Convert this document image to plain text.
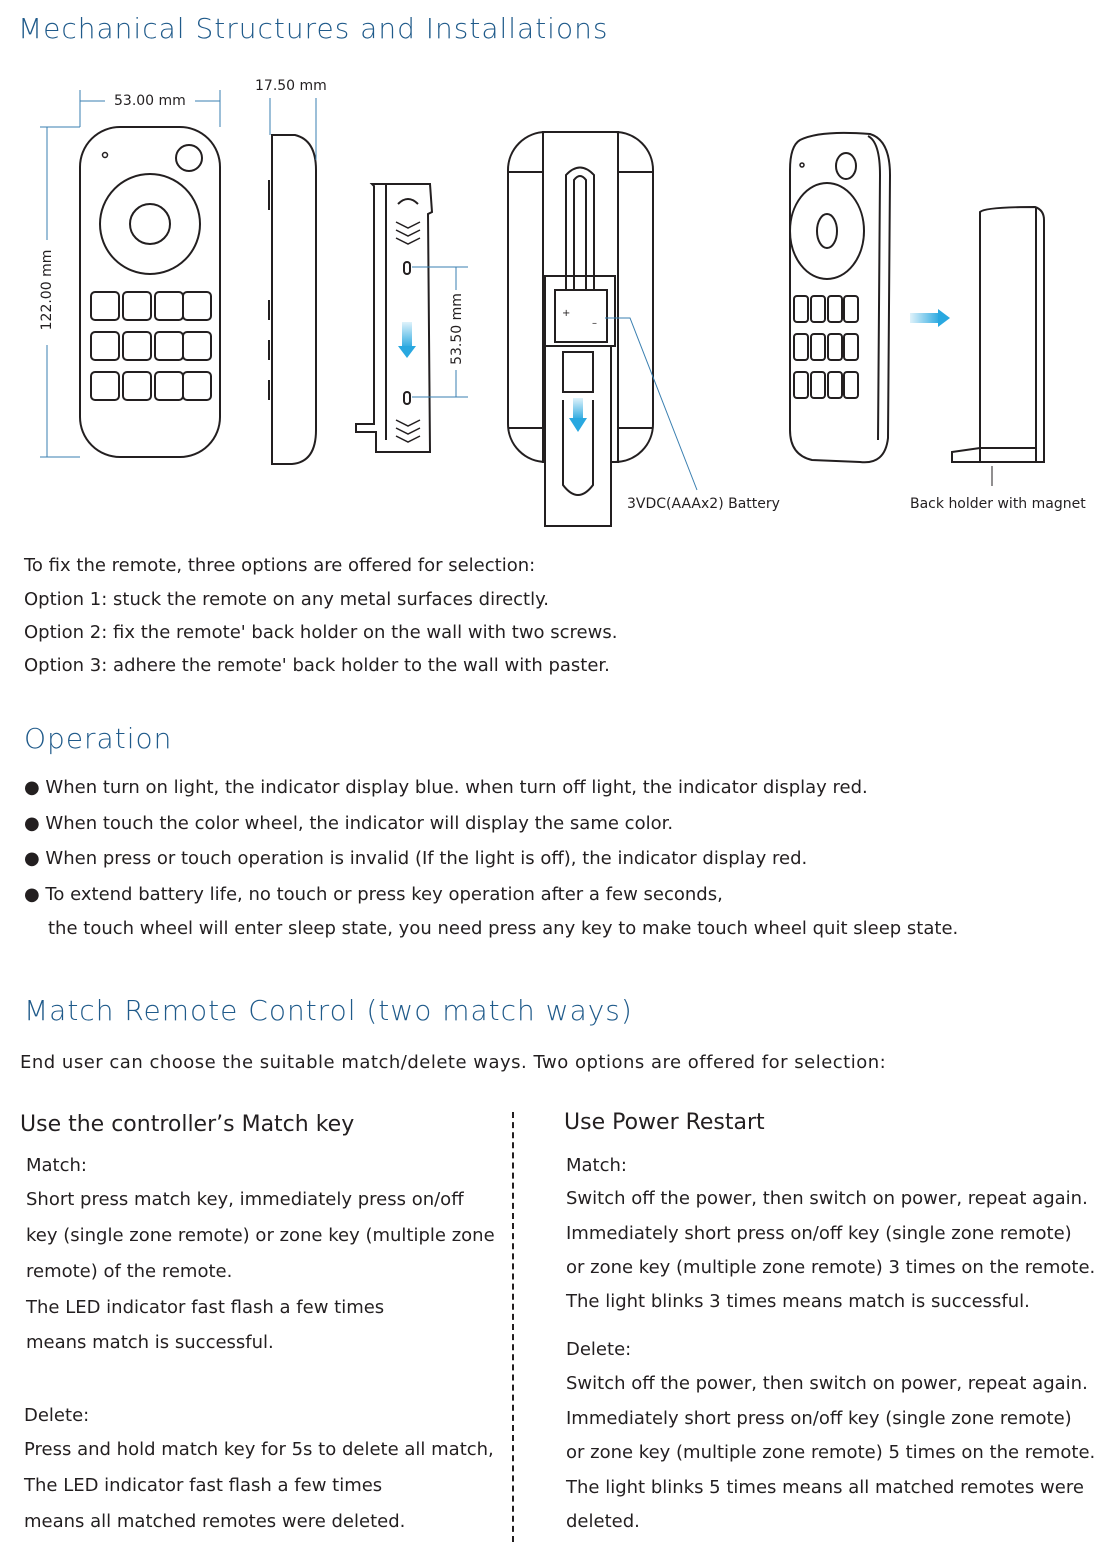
Mechanical Structures and Installations
+
–
53.00 mm
17.50 mm
122.00 mm	53.50 mm
3VDC(AAAx2) Battery	Back holder with magnet
To fix the remote, three options are offered for selection:
Option 1: stuck the remote on any metal surfaces directly.
Option 2: fix the remote' back holder on the wall with two screws.
Option 3: adhere the remote' back holder to the wall with paster.
Operation
● When turn on light, the indicator display blue. when turn off light, the indicator display red.
● When touch the color wheel, the indicator will display the same color.
● When press or touch operation is invalid (If the light is off), the indicator display red.
● To extend battery life, no touch or press key operation after a few seconds,
the touch wheel will enter sleep state, you need press any key to make touch wheel quit sleep state.
Match Remote Control (two match ways)
End user can choose the suitable match/delete ways. Two options are offered for selection:
Use the controller’s Match key
Match:
Short press match key, immediately press on/off
key (single zone remote) or zone key (multiple zone
remote) of the remote.
The LED indicator fast flash a few times
means match is successful.
Delete:
Press and hold match key for 5s to delete all match,
The LED indicator fast flash a few times
means all matched remotes were deleted.
Use Power Restart
Match:
Switch off the power, then switch on power, repeat again.
Immediately short press on/off key (single zone remote)
or zone key (multiple zone remote) 3 times on the remote.
The light blinks 3 times means match is successful.
Delete:
Switch off the power, then switch on power, repeat again.
Immediately short press on/off key (single zone remote)
or zone key (multiple zone remote) 5 times on the remote.
The light blinks 5 times means all matched remotes were
deleted.
